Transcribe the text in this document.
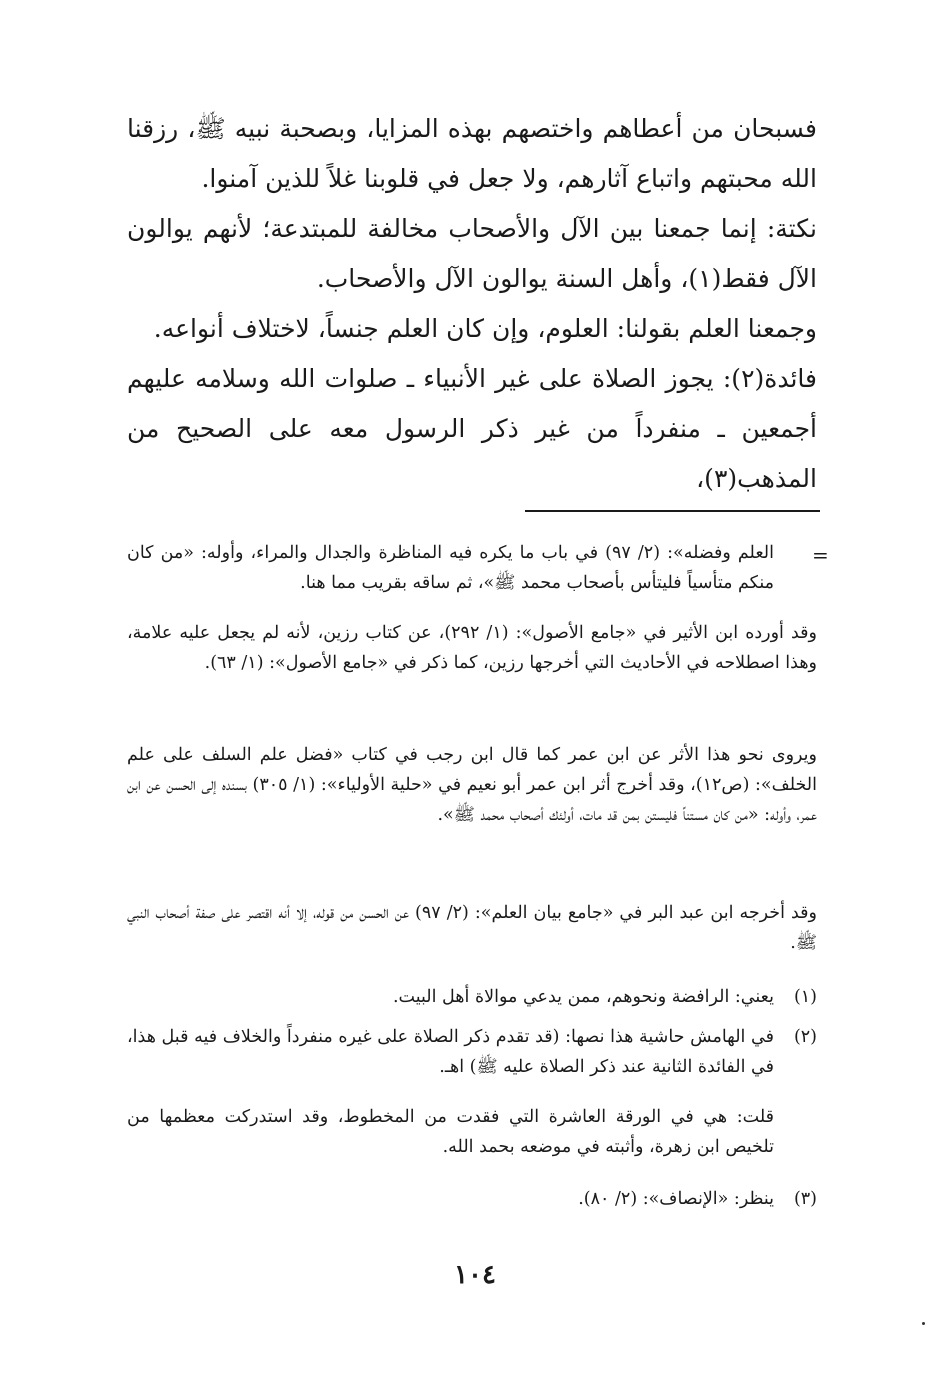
فسبحان من أعطاهم واختصهم بهذه المزايا، وبصحبة نبيه ﷺ، رزقنا الله محبتهم واتباع آثارهم، ولا جعل في قلوبنا غلاً للذين آمنوا.
نكتة: إنما جمعنا بين الآل والأصحاب مخالفة للمبتدعة؛ لأنهم يوالون الآل فقط(١)، وأهل السنة يوالون الآل والأصحاب.
وجمعنا العلم بقولنا: العلوم، وإن كان العلم جنساً، لاختلاف أنواعه.
فائدة(٢): يجوز الصلاة على غير الأنبياء ـ صلوات الله وسلامه عليهم أجمعين ـ منفرداً من غير ذكر الرسول معه على الصحيح من المذهب(٣)،
=
العلم وفضله»: (٢/ ٩٧) في باب ما يكره فيه المناظرة والجدال والمراء، وأوله: «من كان منكم متأسياً فليتأس بأصحاب محمد ﷺ»، ثم ساقه بقريب مما هنا.
وقد أورده ابن الأثير في «جامع الأصول»: (١/ ٢٩٢)، عن كتاب رزين، لأنه لم يجعل عليه علامة، وهذا اصطلاحه في الأحاديث التي أخرجها رزين، كما ذكر في «جامع الأصول»: (١/ ٦٣).
ويروى نحو هذا الأثر عن ابن عمر كما قال ابن رجب في كتاب «فضل علم السلف على علم الخلف»: (ص١٢)، وقد أخرج أثر ابن عمر أبو نعيم في «حلية الأولياء»: (١/ ٣٠٥) بسنده إلى الحسن عن ابن عمر، وأوله: «من كان مستناً فليستن بمن قد مات، أولئك أصحاب محمد ﷺ».
وقد أخرجه ابن عبد البر في «جامع بيان العلم»: (٢/ ٩٧) عن الحسن من قوله، إلا أنه اقتصر على صفة أصحاب النبي ﷺ.
(١)
يعني: الرافضة ونحوهم، ممن يدعي موالاة أهل البيت.
(٢)
في الهامش حاشية هذا نصها: (قد تقدم ذكر الصلاة على غيره منفرداً والخلاف فيه قبل هذا، في الفائدة الثانية عند ذكر الصلاة عليه ﷺ) اهـ.
قلت: هي في الورقة العاشرة التي فقدت من المخطوط، وقد استدركت معظمها من تلخيص ابن زهرة، وأثبته في موضعه بحمد الله.
(٣)
ينظر: «الإنصاف»: (٢/ ٨٠).
١٠٤
